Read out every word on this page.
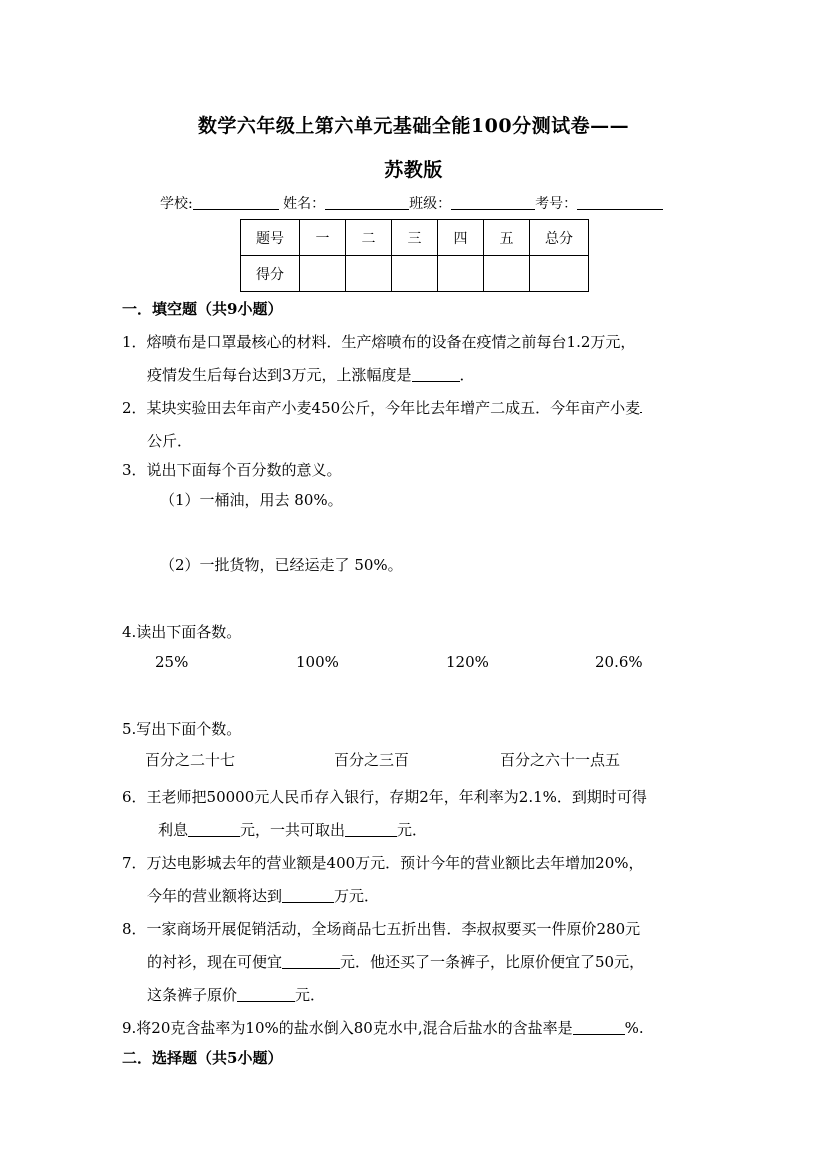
数学六年级上第六单元基础全能100分测试卷——
苏教版
学校:	姓名：	班级：	考号：
题号	一	二	三	四	五	总分
得分						
一．填空题（共9小题）
1．熔喷布是口罩最核心的材料．生产熔喷布的设备在疫情之前每台1.2万元，
疫情发生后每台达到3万元，上涨幅度是	．
2．某块实验田去年亩产小麦450公斤，今年比去年增产二成五．今年亩产小麦
公斤．
3．说出下面每个百分数的意义。
（1）一桶油，用去 80%。
（2）一批货物，已经运走了 50%。
4.读出下面各数。
25%	100%	120%	20.6%
5.写出下面个数。
百分之二十七	百分之三百	百分之六十一点五
6．王老师把50000元人民币存入银行，存期2年，年利率为2.1%．到期时可得
利息	元，一共可取出	元．
7．万达电影城去年的营业额是400万元．预计今年的营业额比去年增加20%，
今年的营业额将达到	万元．
8．一家商场开展促销活动，全场商品七五折出售．李叔叔要买一件原价280元
的衬衫，现在可便宜	元．他还买了一条裤子，比原价便宜了50元，
这条裤子原价	元．
9.将20克含盐率为10%的盐水倒入80克水中,混合后盐水的含盐率是	%.
二．选择题（共5小题）
